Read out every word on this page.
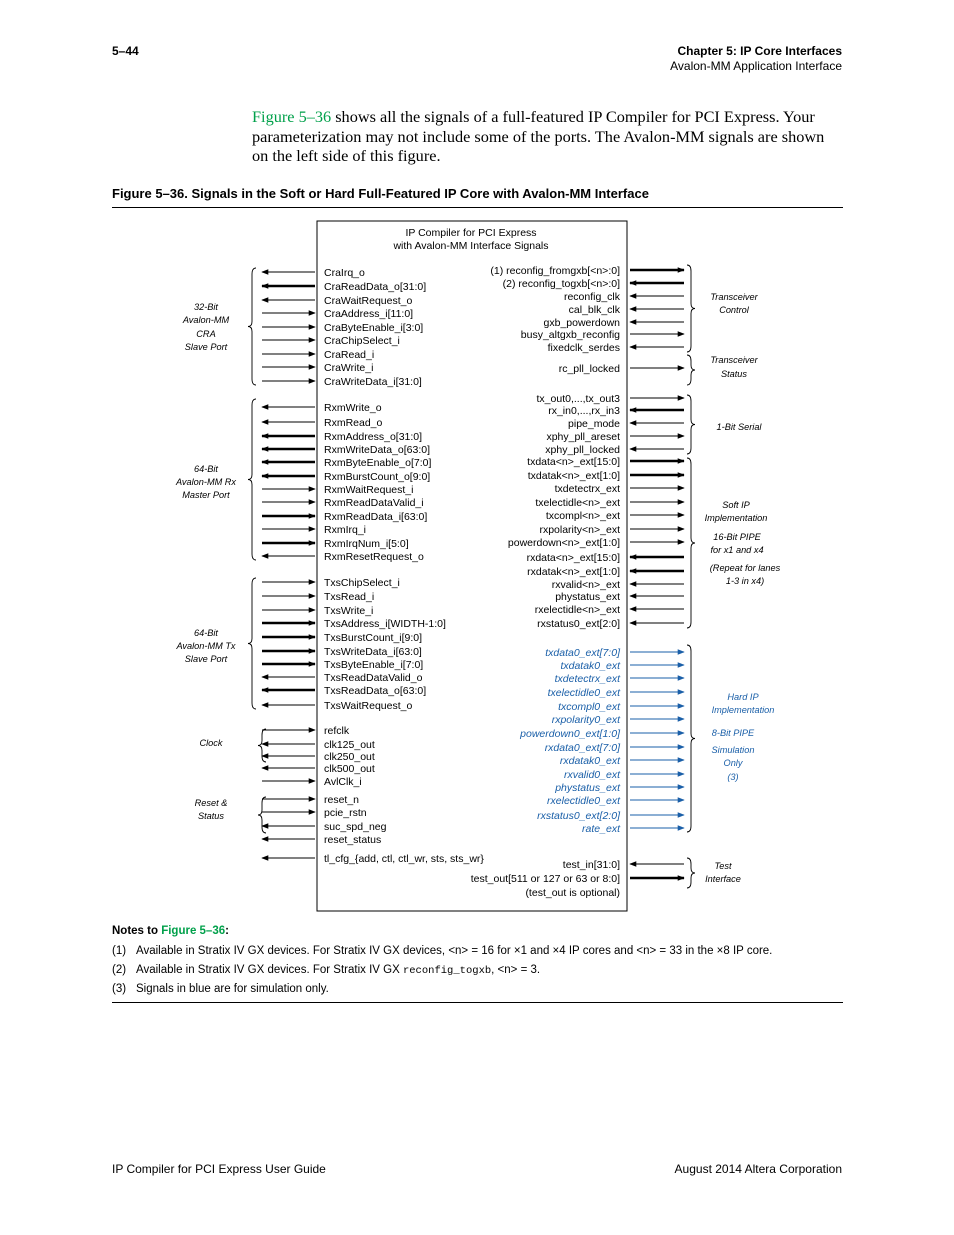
5–44	Chapter 5: IP Core Interfaces
Avalon-MM Application Interface
Figure 5–36 shows all the signals of a full-featured IP Compiler for PCI Express. Your parameterization may not include some of the ports. The Avalon-MM signals are shown on the left side of this figure.
Figure 5–36. Signals in the Soft or Hard Full-Featured IP Core with Avalon-MM Interface
IP Compiler for PCI Express
with Avalon-MM Interface Signals
CraIrq_o
CraReadData_o[31:0]
CraWaitRequest_o
CraAddress_i[11:0]
CraByteEnable_i[3:0]
CraChipSelect_i
CraRead_i
CraWrite_i
CraWriteData_i[31:0]
RxmWrite_o
RxmRead_o
RxmAddress_o[31:0]
RxmWriteData_o[63:0]
RxmByteEnable_o[7:0]
RxmBurstCount_o[9:0]
RxmWaitRequest_i
RxmReadDataValid_i
RxmReadData_i[63:0]
RxmIrq_i
RxmIrqNum_i[5:0]
RxmResetRequest_o
TxsChipSelect_i
TxsRead_i
TxsWrite_i
TxsAddress_i[WIDTH-1:0]
TxsBurstCount_i[9:0]
TxsWriteData_i[63:0]
TxsByteEnable_i[7:0]
TxsReadDataValid_o
TxsReadData_o[63:0]
TxsWaitRequest_o
refclk
clk125_out
clk250_out
clk500_out
AvlClk_i
reset_n
pcie_rstn
suc_spd_neg
reset_status
tl_cfg_{add, ctl, ctl_wr, sts, sts_wr}
32-Bit
Avalon-MM
CRA
Slave Port
64-Bit
Avalon-MM Rx
Master Port
64-Bit
Avalon-MM Tx
Slave Port
Clock
Reset &
Status
(1) reconfig_fromgxb[<n>:0]
(2) reconfig_togxb[<n>:0]
reconfig_clk
cal_blk_clk
gxb_powerdown
busy_altgxb_reconfig
fixedclk_serdes
rc_pll_locked
tx_out0,...,tx_out3
rx_in0,...,rx_in3
pipe_mode
xphy_pll_areset
xphy_pll_locked
txdata<n>_ext[15:0]
txdatak<n>_ext[1:0]
txdetectrx_ext
txelectidle<n>_ext
txcompl<n>_ext
rxpolarity<n>_ext
powerdown<n>_ext[1:0]
rxdata<n>_ext[15:0]
rxdatak<n>_ext[1:0]
rxvalid<n>_ext
phystatus_ext
rxelectidle<n>_ext
rxstatus0_ext[2:0]
txdata0_ext[7:0]
txdatak0_ext
txdetectrx_ext
txelectidle0_ext
txcompl0_ext
rxpolarity0_ext
powerdown0_ext[1:0]
rxdata0_ext[7:0]
rxdatak0_ext
rxvalid0_ext
phystatus_ext
rxelectidle0_ext
rxstatus0_ext[2:0]
rate_ext
test_in[31:0]
test_out[511 or 127 or 63 or 8:0]
(test_out is optional)
Transceiver
Control
Transceiver
Status
1-Bit Serial
Soft IP
Implementation
16-Bit PIPE
for x1 and x4
(Repeat for lanes
1-3 in x4)
Hard IP
Implementation
8-Bit PIPE
Simulation
Only
(3)
Test
Interface
Notes to Figure 5–36:
(1) Available in Stratix IV GX devices. For Stratix IV GX devices, <n> = 16 for ×1 and ×4 IP cores and <n> = 33 in the ×8 IP core.
(2) Available in Stratix IV GX devices. For Stratix IV GX reconfig_togxb, <n> = 3.
(3) Signals in blue are for simulation only.
IP Compiler for PCI Express User Guide	August 2014 Altera Corporation
